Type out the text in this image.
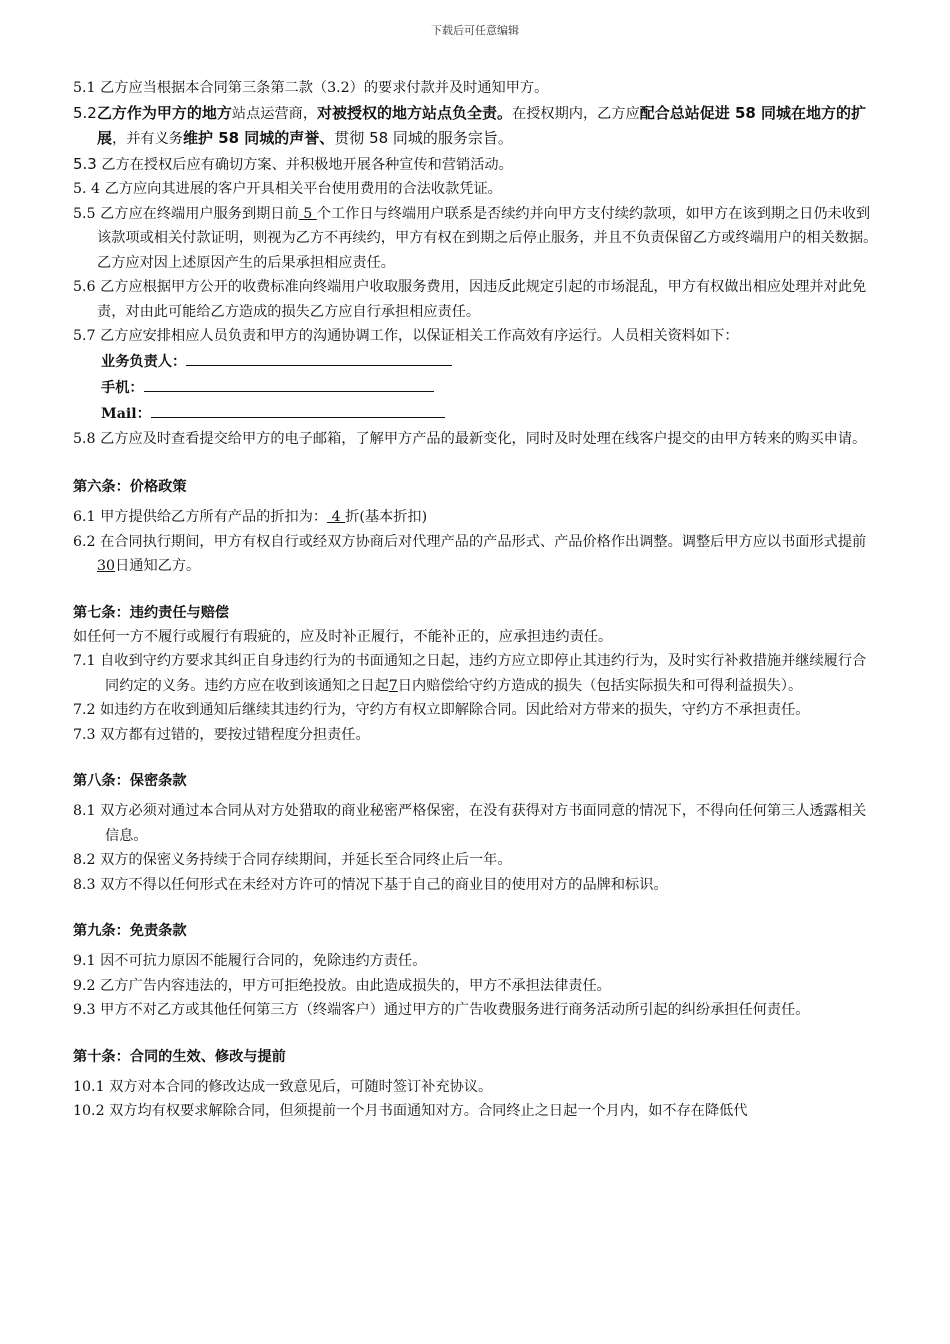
下载后可任意编辑

5.1 乙方应当根据本合同第三条第二款（3.2）的要求付款并及时通知甲方。

5.2乙方作为甲方的地方站点运营商，对被授权的地方站点负全责。在授权期内，乙方应配合总站促进 58 同城在地方的扩展，并有义务维护 58 同城的声誉、贯彻 58 同城的服务宗旨。

5.3 乙方在授权后应有确切方案、并积极地开展各种宣传和营销活动。

5. 4 乙方应向其进展的客户开具相关平台使用费用的合法收款凭证。

5.5 乙方应在终端用户服务到期日前 5 个工作日与终端用户联系是否续约并向甲方支付续约款项，如甲方在该到期之日仍未收到该款项或相关付款证明，则视为乙方不再续约，甲方有权在到期之后停止服务，并且不负责保留乙方或终端用户的相关数据。乙方应对因上述原因产生的后果承担相应责任。

5.6 乙方应根据甲方公开的收费标准向终端用户收取服务费用，因违反此规定引起的市场混乱，甲方有权做出相应处理并对此免责，对由此可能给乙方造成的损失乙方应自行承担相应责任。

5.7 乙方应安排相应人员负责和甲方的沟通协调工作，以保证相关工作高效有序运行。人员相关资料如下：

业务负责人：
手机：
Mail：

5.8 乙方应及时查看提交给甲方的电子邮箱，了解甲方产品的最新变化，同时及时处理在线客户提交的由甲方转来的购买申请。

第六条：价格政策

6.1 甲方提供给乙方所有产品的折扣为： 4 折(基本折扣)

6.2 在合同执行期间，甲方有权自行或经双方协商后对代理产品的产品形式、产品价格作出调整。调整后甲方应以书面形式提前30日通知乙方。

第七条：违约责任与赔偿

如任何一方不履行或履行有瑕疵的，应及时补正履行，不能补正的，应承担违约责任。

7.1 自收到守约方要求其纠正自身违约行为的书面通知之日起，违约方应立即停止其违约行为，及时实行补救措施并继续履行合同约定的义务。违约方应在收到该通知之日起7日内赔偿给守约方造成的损失（包括实际损失和可得利益损失）。

7.2 如违约方在收到通知后继续其违约行为，守约方有权立即解除合同。因此给对方带来的损失，守约方不承担责任。

7.3 双方都有过错的，要按过错程度分担责任。

第八条：保密条款

8.1 双方必须对通过本合同从对方处猎取的商业秘密严格保密，在没有获得对方书面同意的情况下，不得向任何第三人透露相关信息。

8.2 双方的保密义务持续于合同存续期间，并延长至合同终止后一年。

8.3 双方不得以任何形式在未经对方许可的情况下基于自己的商业目的使用对方的品牌和标识。

第九条：免责条款

9.1 因不可抗力原因不能履行合同的，免除违约方责任。

9.2 乙方广告内容违法的，甲方可拒绝投放。由此造成损失的，甲方不承担法律责任。

9.3 甲方不对乙方或其他任何第三方（终端客户）通过甲方的广告收费服务进行商务活动所引起的纠纷承担任何责任。

第十条：合同的生效、修改与提前

10.1 双方对本合同的修改达成一致意见后，可随时签订补充协议。

10.2 双方均有权要求解除合同，但须提前一个月书面通知对方。合同终止之日起一个月内，如不存在降低代
